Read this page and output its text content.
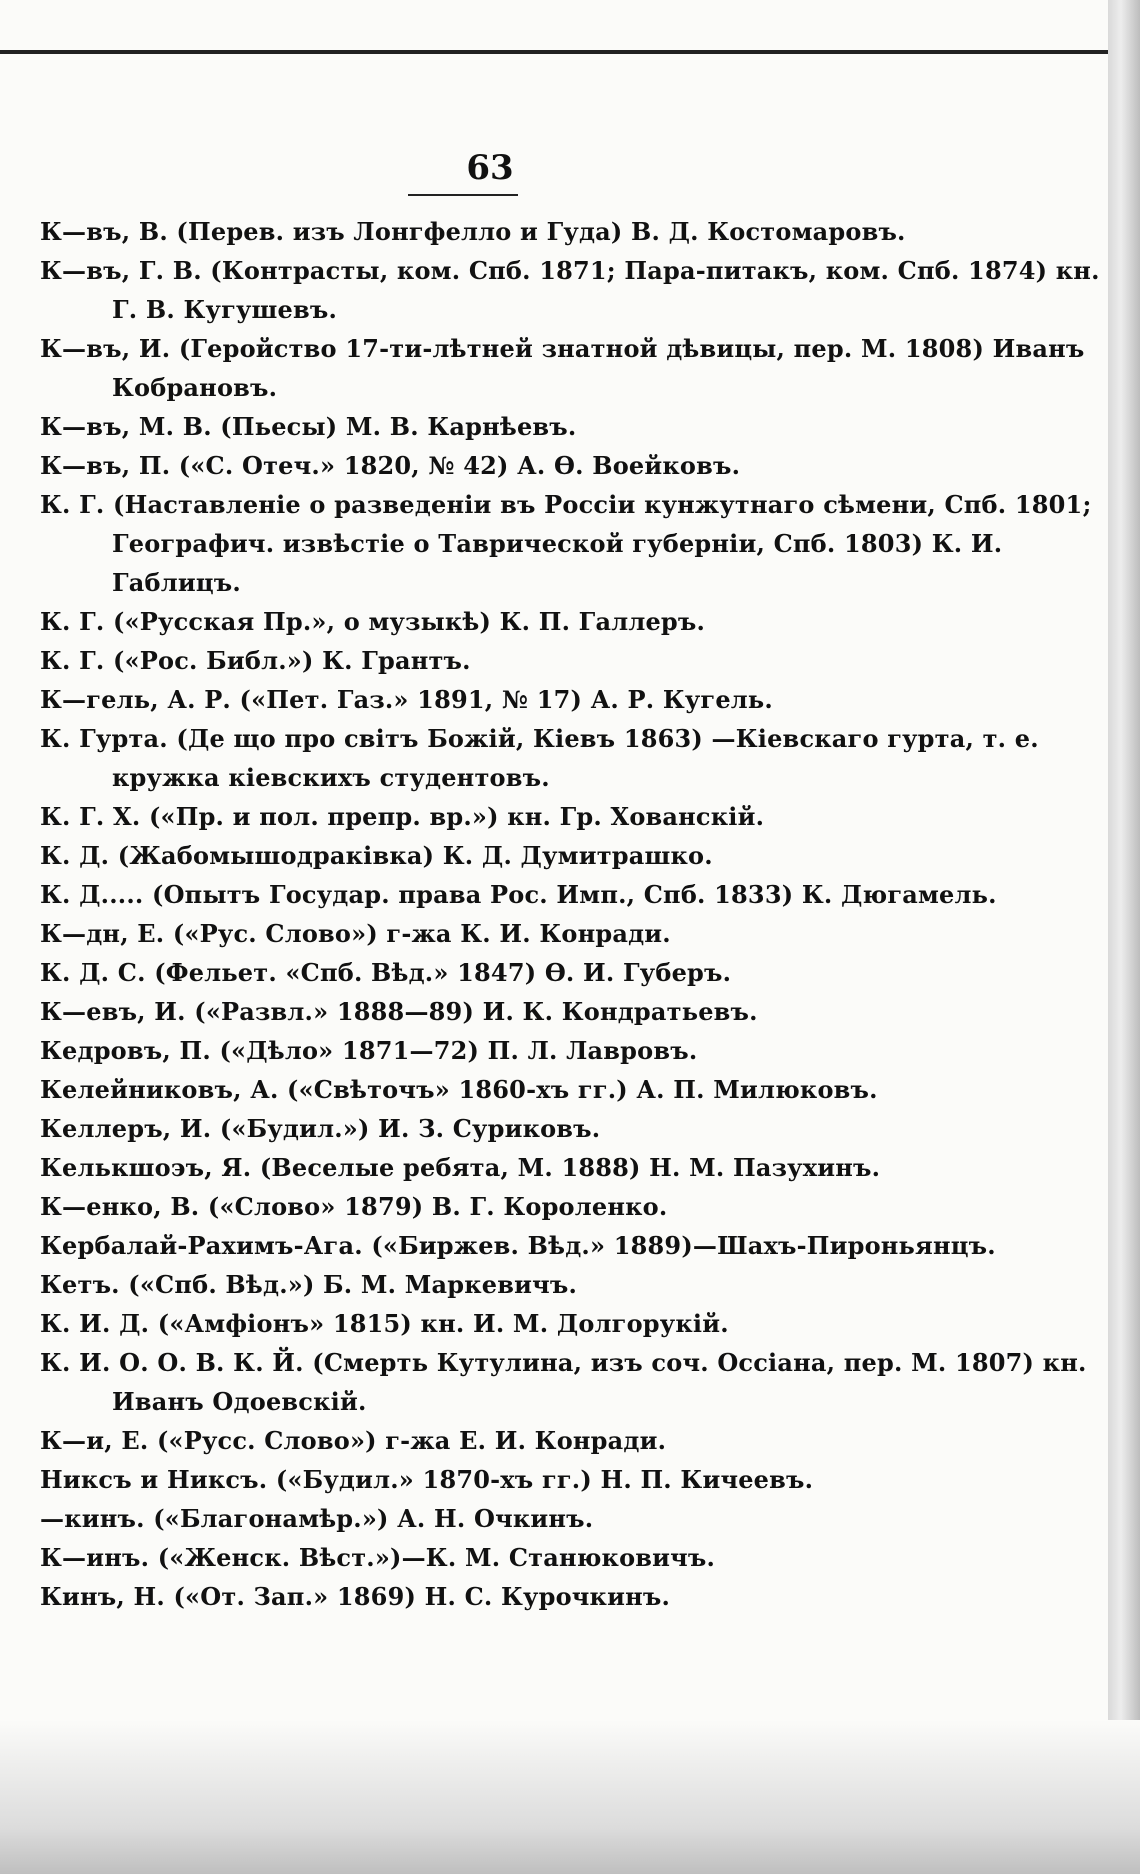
63
К—въ, В. (Перев. изъ Лонгфелло и Гуда) В. Д. Костомаровъ.
К—въ, Г. В. (Контрасты, ком. Спб. 1871; Пара-питакъ, ком. Спб. 1874) кн. Г. В. Кугушевъ.
К—въ, И. (Геройство 17-ти-лѣтней знатной дѣвицы, пер. М. 1808) Иванъ Кобрановъ.
К—въ, М. В. (Пьесы) М. В. Карнѣевъ.
К—въ, П. («С. Отеч.» 1820, № 42) А. Ѳ. Воейковъ.
К. Г. (Наставленіе о разведеніи въ Россіи кунжутнаго сѣмени, Спб. 1801; Географич. извѣстіе о Таврической губерніи, Спб. 1803) К. И. Габлицъ.
К. Г. («Русская Пр.», о музыкѣ) К. П. Галлеръ.
К. Г. («Рос. Библ.») К. Грантъ.
К—гель, А. Р. («Пет. Газ.» 1891, № 17) А. Р. Кугель.
К. Гурта. (Де що про свiтъ Божiй, Кiевъ 1863) —Кiевскаго гурта, т. е. кружка кiевскихъ студентовъ.
К. Г. Х. («Пр. и пол. препр. вр.») кн. Гр. Хованскiй.
К. Д. (Жабомышодракiвка) К. Д. Думитрашко.
К. Д..... (Опытъ Государ. права Рос. Имп., Спб. 1833) К. Дюгамель.
К—дн, Е. («Рус. Слово») г-жа К. И. Конради.
К. Д. С. (Фельет. «Спб. Вѣд.» 1847) Ѳ. И. Губеръ.
К—евъ, И. («Развл.» 1888—89) И. К. Кондратьевъ.
Кедровъ, П. («Дѣло» 1871—72) П. Л. Лавровъ.
Келейниковъ, А. («Свѣточъ» 1860-хъ гг.) А. П. Милюковъ.
Келлеръ, И. («Будил.») И. З. Суриковъ.
Келькшоэъ, Я. (Веселые ребята, М. 1888) Н. М. Пазухинъ.
К—енко, В. («Слово» 1879) В. Г. Короленко.
Кербалай-Рахимъ-Ага. («Биржев. Вѣд.» 1889)—Шахъ-Пироньянцъ.
Кетъ. («Спб. Вѣд.») Б. М. Маркевичъ.
К. И. Д. («Амфiонъ» 1815) кн. И. М. Долгорукiй.
К. И. О. О. В. К. Й. (Смерть Кутулина, изъ соч. Оссiана, пер. М. 1807) кн. Иванъ Одоевскiй.
К—и, Е. («Русс. Слово») г-жа Е. И. Конради.
Никсъ и Никсъ. («Будил.» 1870-хъ гг.) Н. П. Кичеевъ.
—кинъ. («Благонамѣр.») А. Н. Очкинъ.
К—инъ. («Женск. Вѣст.»)—К. М. Станюковичъ.
Кинъ, Н. («От. Зап.» 1869) Н. С. Курочкинъ.
